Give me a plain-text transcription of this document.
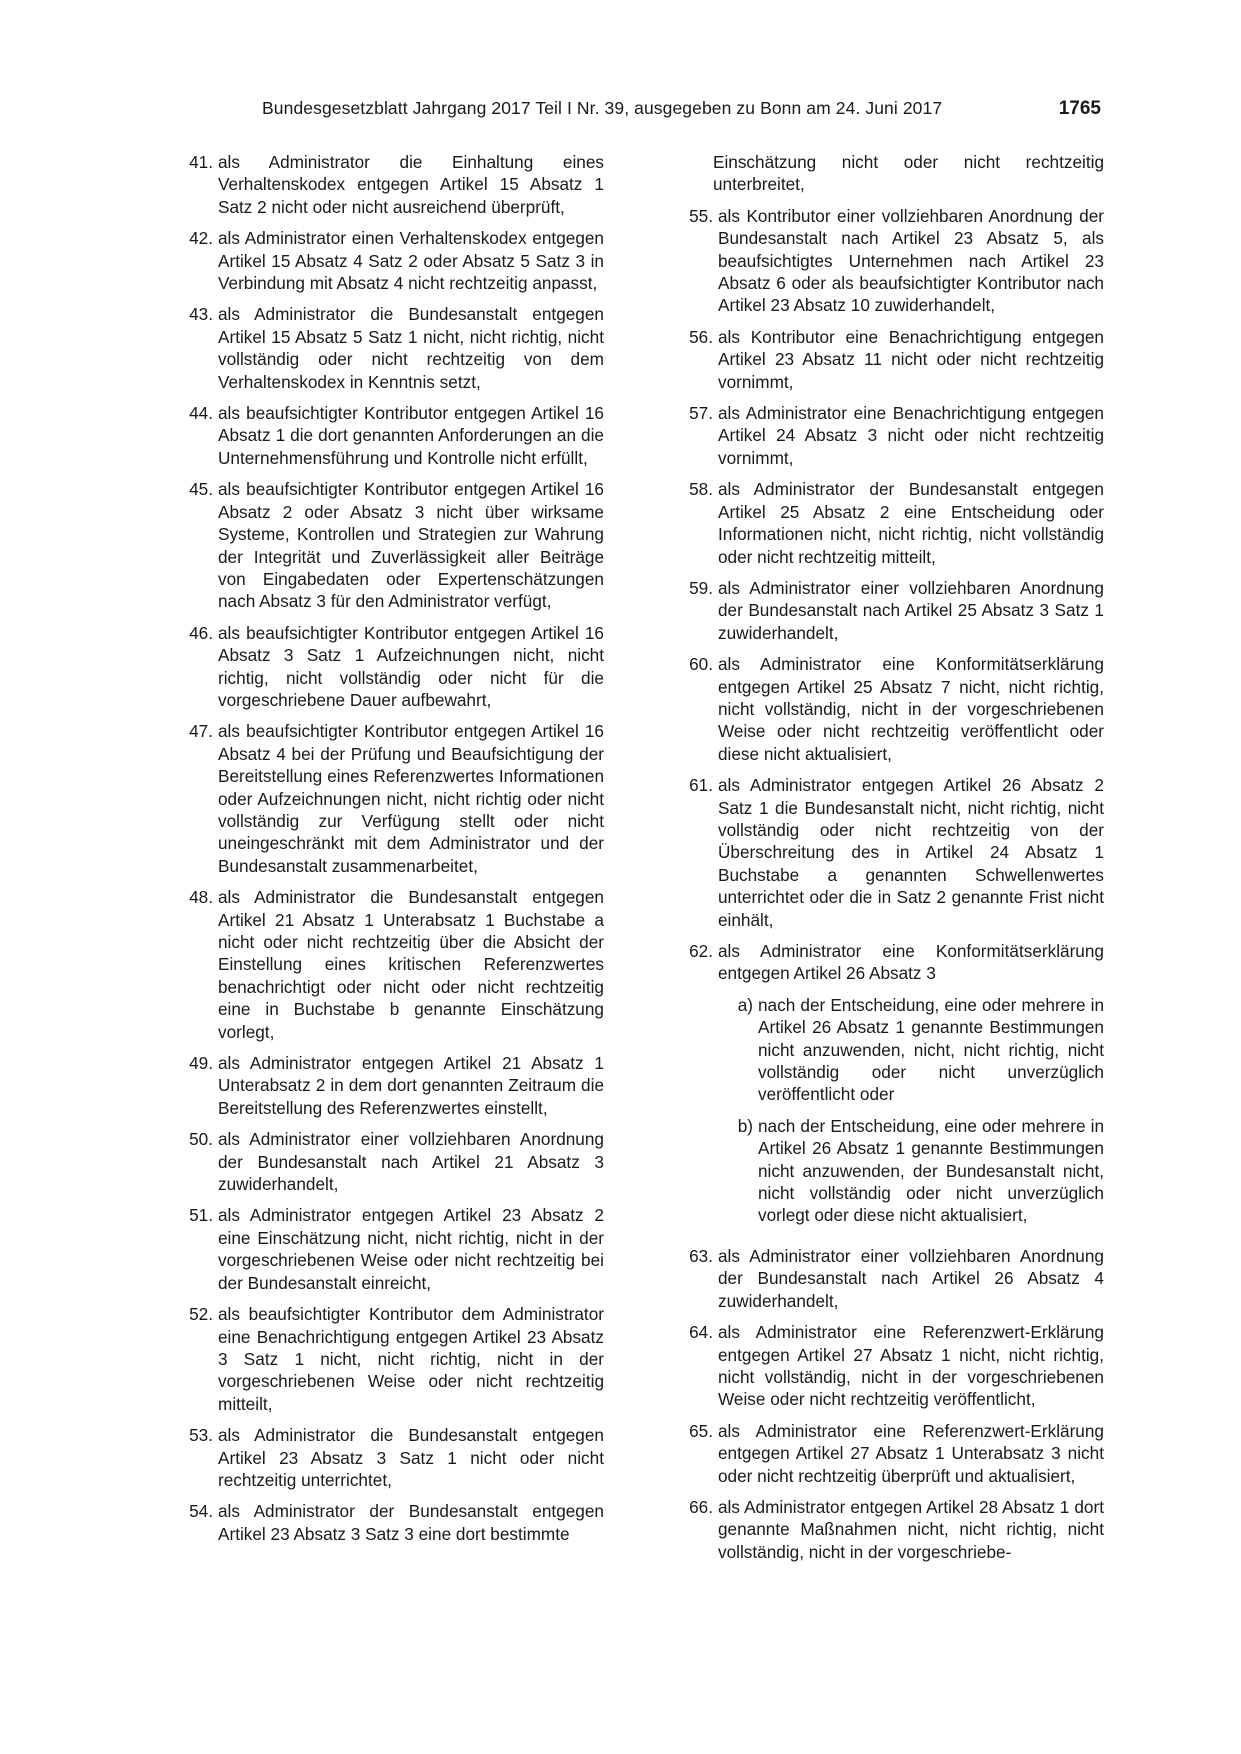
Bundesgesetzblatt Jahrgang 2017 Teil I Nr. 39, ausgegeben zu Bonn am 24. Juni 2017	1765
41. als Administrator die Einhaltung eines Verhaltenskodex entgegen Artikel 15 Absatz 1 Satz 2 nicht oder nicht ausreichend überprüft,
42. als Administrator einen Verhaltenskodex entgegen Artikel 15 Absatz 4 Satz 2 oder Absatz 5 Satz 3 in Verbindung mit Absatz 4 nicht rechtzeitig anpasst,
43. als Administrator die Bundesanstalt entgegen Artikel 15 Absatz 5 Satz 1 nicht, nicht richtig, nicht vollständig oder nicht rechtzeitig von dem Verhaltenskodex in Kenntnis setzt,
44. als beaufsichtigter Kontributor entgegen Artikel 16 Absatz 1 die dort genannten Anforderungen an die Unternehmensführung und Kontrolle nicht erfüllt,
45. als beaufsichtigter Kontributor entgegen Artikel 16 Absatz 2 oder Absatz 3 nicht über wirksame Systeme, Kontrollen und Strategien zur Wahrung der Integrität und Zuverlässigkeit aller Beiträge von Eingabedaten oder Expertenschätzungen nach Absatz 3 für den Administrator verfügt,
46. als beaufsichtigter Kontributor entgegen Artikel 16 Absatz 3 Satz 1 Aufzeichnungen nicht, nicht richtig, nicht vollständig oder nicht für die vorgeschriebene Dauer aufbewahrt,
47. als beaufsichtigter Kontributor entgegen Artikel 16 Absatz 4 bei der Prüfung und Beaufsichtigung der Bereitstellung eines Referenzwertes Informationen oder Aufzeichnungen nicht, nicht richtig oder nicht vollständig zur Verfügung stellt oder nicht uneingeschränkt mit dem Administrator und der Bundesanstalt zusammenarbeitet,
48. als Administrator die Bundesanstalt entgegen Artikel 21 Absatz 1 Unterabsatz 1 Buchstabe a nicht oder nicht rechtzeitig über die Absicht der Einstellung eines kritischen Referenzwertes benachrichtigt oder nicht oder nicht rechtzeitig eine in Buchstabe b genannte Einschätzung vorlegt,
49. als Administrator entgegen Artikel 21 Absatz 1 Unterabsatz 2 in dem dort genannten Zeitraum die Bereitstellung des Referenzwertes einstellt,
50. als Administrator einer vollziehbaren Anordnung der Bundesanstalt nach Artikel 21 Absatz 3 zuwiderhandelt,
51. als Administrator entgegen Artikel 23 Absatz 2 eine Einschätzung nicht, nicht richtig, nicht in der vorgeschriebenen Weise oder nicht rechtzeitig bei der Bundesanstalt einreicht,
52. als beaufsichtigter Kontributor dem Administrator eine Benachrichtigung entgegen Artikel 23 Absatz 3 Satz 1 nicht, nicht richtig, nicht in der vorgeschriebenen Weise oder nicht rechtzeitig mitteilt,
53. als Administrator die Bundesanstalt entgegen Artikel 23 Absatz 3 Satz 1 nicht oder nicht rechtzeitig unterrichtet,
54. als Administrator der Bundesanstalt entgegen Artikel 23 Absatz 3 Satz 3 eine dort bestimmte
Einschätzung nicht oder nicht rechtzeitig unterbreitet,
55. als Kontributor einer vollziehbaren Anordnung der Bundesanstalt nach Artikel 23 Absatz 5, als beaufsichtigtes Unternehmen nach Artikel 23 Absatz 6 oder als beaufsichtigter Kontributor nach Artikel 23 Absatz 10 zuwiderhandelt,
56. als Kontributor eine Benachrichtigung entgegen Artikel 23 Absatz 11 nicht oder nicht rechtzeitig vornimmt,
57. als Administrator eine Benachrichtigung entgegen Artikel 24 Absatz 3 nicht oder nicht rechtzeitig vornimmt,
58. als Administrator der Bundesanstalt entgegen Artikel 25 Absatz 2 eine Entscheidung oder Informationen nicht, nicht richtig, nicht vollständig oder nicht rechtzeitig mitteilt,
59. als Administrator einer vollziehbaren Anordnung der Bundesanstalt nach Artikel 25 Absatz 3 Satz 1 zuwiderhandelt,
60. als Administrator eine Konformitätserklärung entgegen Artikel 25 Absatz 7 nicht, nicht richtig, nicht vollständig, nicht in der vorgeschriebenen Weise oder nicht rechtzeitig veröffentlicht oder diese nicht aktualisiert,
61. als Administrator entgegen Artikel 26 Absatz 2 Satz 1 die Bundesanstalt nicht, nicht richtig, nicht vollständig oder nicht rechtzeitig von der Überschreitung des in Artikel 24 Absatz 1 Buchstabe a genannten Schwellenwertes unterrichtet oder die in Satz 2 genannte Frist nicht einhält,
62. als Administrator eine Konformitätserklärung entgegen Artikel 26 Absatz 3
a) nach der Entscheidung, eine oder mehrere in Artikel 26 Absatz 1 genannte Bestimmungen nicht anzuwenden, nicht, nicht richtig, nicht vollständig oder nicht unverzüglich veröffentlicht oder
b) nach der Entscheidung, eine oder mehrere in Artikel 26 Absatz 1 genannte Bestimmungen nicht anzuwenden, der Bundesanstalt nicht, nicht vollständig oder nicht unverzüglich vorlegt oder diese nicht aktualisiert,
63. als Administrator einer vollziehbaren Anordnung der Bundesanstalt nach Artikel 26 Absatz 4 zuwiderhandelt,
64. als Administrator eine Referenzwert-Erklärung entgegen Artikel 27 Absatz 1 nicht, nicht richtig, nicht vollständig, nicht in der vorgeschriebenen Weise oder nicht rechtzeitig veröffentlicht,
65. als Administrator eine Referenzwert-Erklärung entgegen Artikel 27 Absatz 1 Unterabsatz 3 nicht oder nicht rechtzeitig überprüft und aktualisiert,
66. als Administrator entgegen Artikel 28 Absatz 1 dort genannte Maßnahmen nicht, nicht richtig, nicht vollständig, nicht in der vorgeschriebe-
